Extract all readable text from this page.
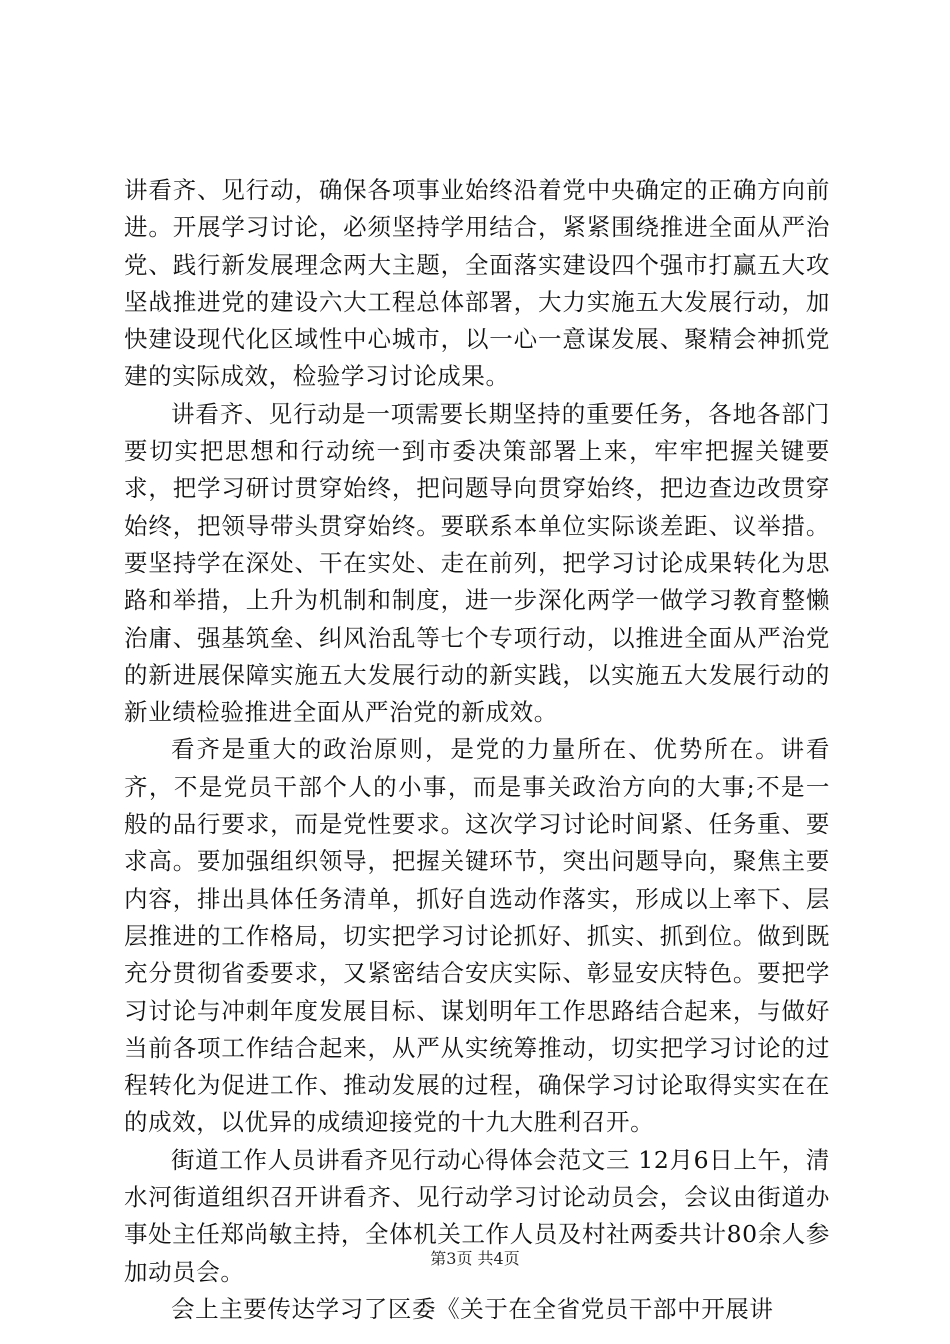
讲看齐、见行动，确保各项事业始终沿着党中央确定的正确方向前进。开展学习讨论，必须坚持学用结合，紧紧围绕推进全面从严治党、践行新发展理念两大主题，全面落实建设四个强市打赢五大攻坚战推进党的建设六大工程总体部署，大力实施五大发展行动，加快建设现代化区域性中心城市，以一心一意谋发展、聚精会神抓党建的实际成效，检验学习讨论成果。

讲看齐、见行动是一项需要长期坚持的重要任务，各地各部门要切实把思想和行动统一到市委决策部署上来，牢牢把握关键要求，把学习研讨贯穿始终，把问题导向贯穿始终，把边查边改贯穿始终，把领导带头贯穿始终。要联系本单位实际谈差距、议举措。要坚持学在深处、干在实处、走在前列，把学习讨论成果转化为思路和举措，上升为机制和制度，进一步深化两学一做学习教育整懒治庸、强基筑垒、纠风治乱等七个专项行动，以推进全面从严治党的新进展保障实施五大发展行动的新实践，以实施五大发展行动的新业绩检验推进全面从严治党的新成效。

看齐是重大的政治原则，是党的力量所在、优势所在。讲看齐，不是党员干部个人的小事，而是事关政治方向的大事;不是一般的品行要求，而是党性要求。这次学习讨论时间紧、任务重、要求高。要加强组织领导，把握关键环节，突出问题导向，聚焦主要内容，排出具体任务清单，抓好自选动作落实，形成以上率下、层层推进的工作格局，切实把学习讨论抓好、抓实、抓到位。做到既充分贯彻省委要求，又紧密结合安庆实际、彰显安庆特色。要把学习讨论与冲刺年度发展目标、谋划明年工作思路结合起来，与做好当前各项工作结合起来，从严从实统筹推动，切实把学习讨论的过程转化为促进工作、推动发展的过程，确保学习讨论取得实实在在的成效，以优异的成绩迎接党的十九大胜利召开。

街道工作人员讲看齐见行动心得体会范文三 12月6日上午，清水河街道组织召开讲看齐、见行动学习讨论动员会，会议由街道办事处主任郑尚敏主持，全体机关工作人员及村社两委共计80余人参加动员会。

会上主要传达学习了区委《关于在全省党员干部中开展讲

第3页 共4页
